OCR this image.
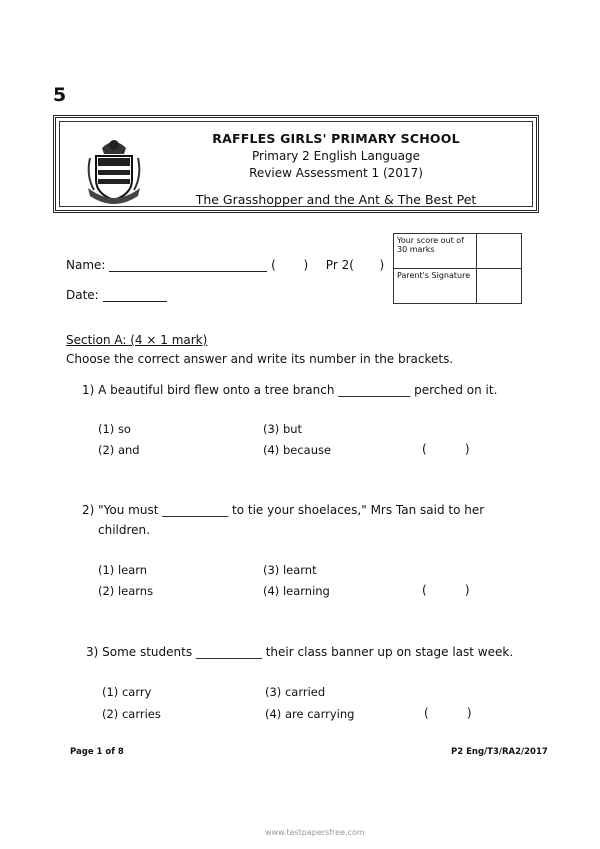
5
RAFFLES GIRLS' PRIMARY SCHOOL
Primary 2 English Language
Review Assessment 1 (2017)
The Grasshopper and the Ant & The Best Pet
Name:	( ) Pr 2( )
Date:
Your score out of 30 marks	
Parent's Signature	
Section A: (4 × 1 mark)
Choose the correct answer and write its number in the brackets.
1) A beautiful bird flew onto a tree branch ____________ perched on it.
(1) so	(3) but
(2) and	(4) because	(          )
2) "You must ___________ to tie your shoelaces," Mrs Tan said to her
children.
(1) learn	(3) learnt
(2) learns	(4) learning	(          )
3) Some students ___________ their class banner up on stage last week.
(1) carry	(3) carried
(2) carries	(4) are carrying	(          )
Page 1 of 8	P2 Eng/T3/RA2/2017
www.testpapersfree.com
